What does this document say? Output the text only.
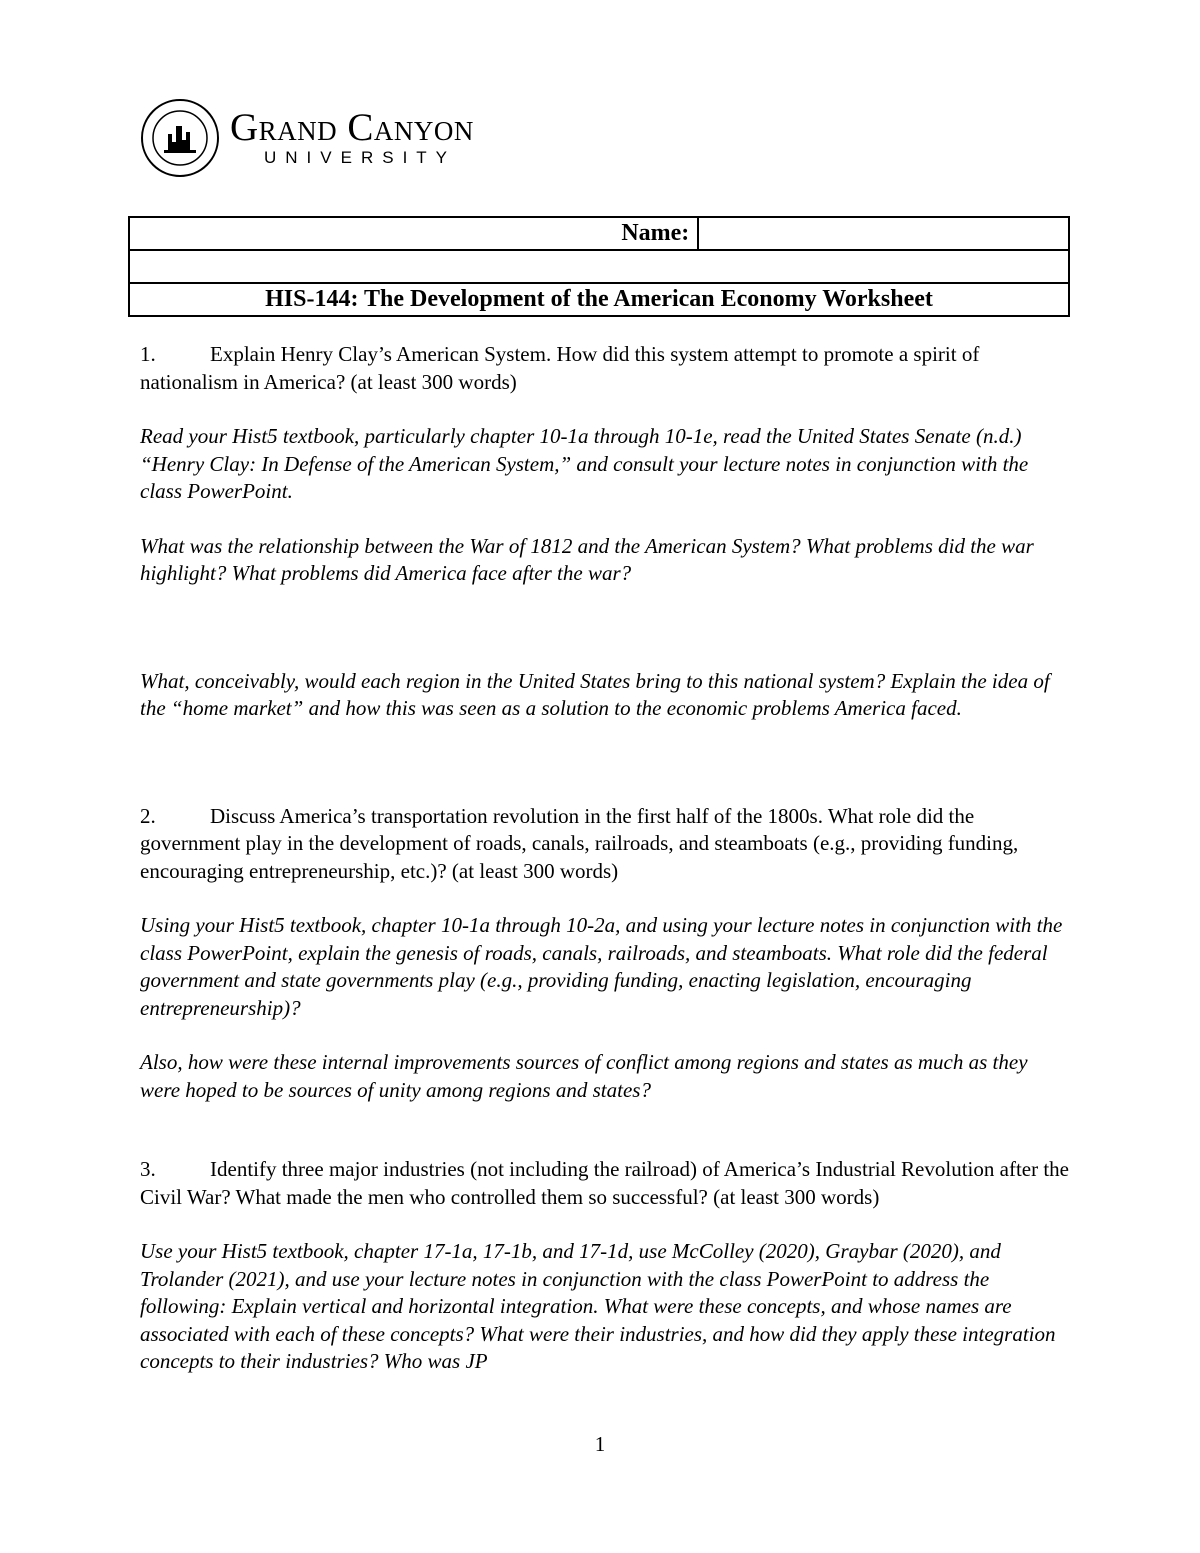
Grand Canyon
UNIVERSITY
Name:	

HIS-144: The Development of the American Economy Worksheet

1.	Explain Henry Clay’s American System. How did this system attempt to promote a spirit of nationalism in America? (at least 300 words)

Read your Hist5 textbook, particularly chapter 10-1a through 10-1e, read the United States Senate (n.d.) “Henry Clay: In Defense of the American System,” and consult your lecture notes in conjunction with the class PowerPoint.

What was the relationship between the War of 1812 and the American System? What problems did the war highlight? What problems did America face after the war?

What, conceivably, would each region in the United States bring to this national system? Explain the idea of the “home market” and how this was seen as a solution to the economic problems America faced.

2.	Discuss America’s transportation revolution in the first half of the 1800s. What role did the government play in the development of roads, canals, railroads, and steamboats (e.g., providing funding, encouraging entrepreneurship, etc.)? (at least 300 words)

Using your Hist5 textbook, chapter 10-1a through 10-2a, and using your lecture notes in conjunction with the class PowerPoint, explain the genesis of roads, canals, railroads, and steamboats. What role did the federal government and state governments play (e.g., providing funding, enacting legislation, encouraging entrepreneurship)?

Also, how were these internal improvements sources of conflict among regions and states as much as they were hoped to be sources of unity among regions and states?

3.	Identify three major industries (not including the railroad) of America’s Industrial Revolution after the Civil War? What made the men who controlled them so successful? (at least 300 words)

Use your Hist5 textbook, chapter 17-1a, 17-1b, and 17-1d, use McColley (2020), Graybar (2020), and Trolander (2021), and use your lecture notes in conjunction with the class PowerPoint to address the following: Explain vertical and horizontal integration. What were these concepts, and whose names are associated with each of these concepts? What were their industries, and how did they apply these integration concepts to their industries? Who was JP

1
